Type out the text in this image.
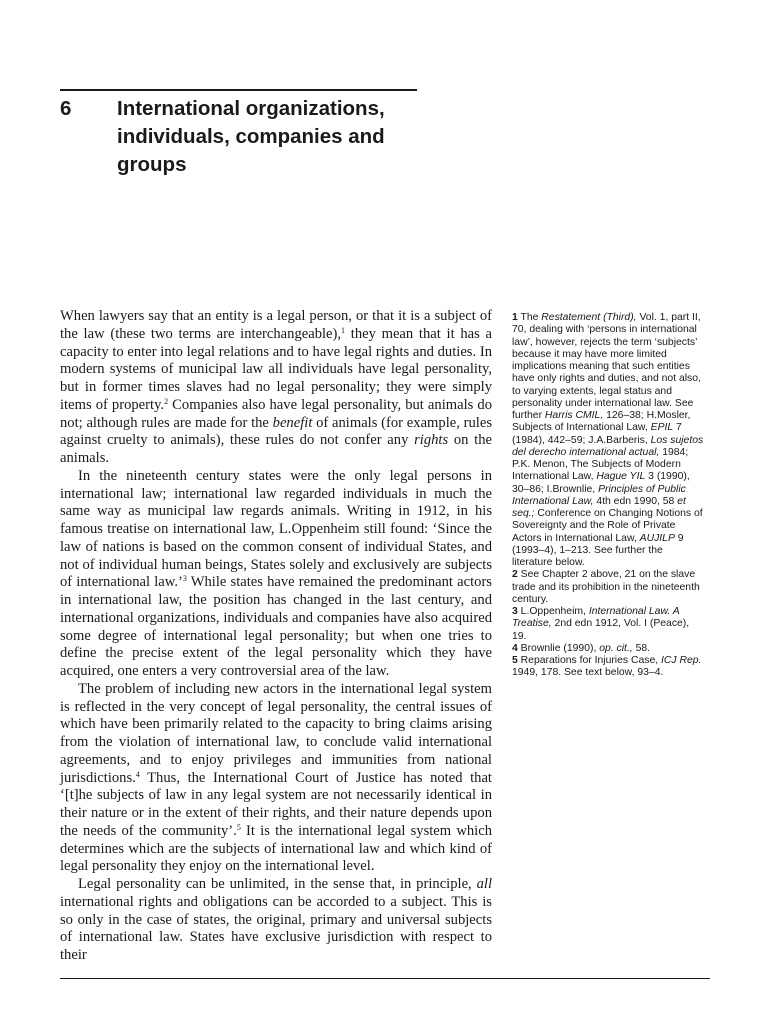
6 International organizations, individuals, companies and groups

When lawyers say that an entity is a legal person, or that it is a subject of the law (these two terms are interchangeable),$^1$ they mean that it has a capacity to enter into legal relations and to have legal rights and duties. In modern systems of municipal law all individuals have legal personality, but in former times slaves had no legal personality; they were simply items of property.$^2$ Companies also have legal personality, but animals do not; although rules are made for the benefit of animals (for example, rules against cruelty to animals), these rules do not confer any rights on the animals.

In the nineteenth century states were the only legal persons in international law; international law regarded individuals in much the same way as municipal law regards animals. Writing in 1912, in his famous treatise on international law, L.Oppenheim still found: ‘Since the law of nations is based on the common consent of individual States, and not of individual human beings, States solely and exclusively are subjects of international law.’$^3$ While states have remained the predominant actors in international law, the position has changed in the last century, and international organizations, individuals and companies have also acquired some degree of international legal personality; but when one tries to define the precise extent of the legal personality which they have acquired, one enters a very controversial area of the law.

The problem of including new actors in the international legal system is reflected in the very concept of legal personality, the central issues of which have been primarily related to the capacity to bring claims arising from the violation of international law, to conclude valid international agreements, and to enjoy privileges and immunities from national jurisdictions.$^4$ Thus, the International Court of Justice has noted that ‘[t]he subjects of law in any legal system are not necessarily identical in their nature or in the extent of their rights, and their nature depends upon the needs of the community’.$^5$ It is the international legal system which determines which are the subjects of international law and which kind of legal personality they enjoy on the international level.

Legal personality can be unlimited, in the sense that, in principle, all international rights and obligations can be accorded to a subject. This is so only in the case of states, the original, primary and universal subjects of international law. States have exclusive jurisdiction with respect to their

1 The Restatement (Third), Vol. 1, part II, 70, dealing with ‘persons in international law’, however, rejects the term ‘subjects’ because it may have more limited implications meaning that such entities have only rights and duties, and not also, to varying extents, legal status and personality under international law. See further Harris CMIL, 126–38; H.Mosler, Subjects of International Law, EPIL 7 (1984), 442–59; J.A.Barberis, Los sujetos del derecho international actual, 1984; P.K. Menon, The Subjects of Modern International Law, Hague YIL 3 (1990), 30–86; I.Brownlie, Principles of Public International Law, 4th edn 1990, 58 et seq.; Conference on Changing Notions of Sovereignty and the Role of Private Actors in International Law, AUJILP 9 (1993–4), 1–213. See further the literature below.

2 See Chapter 2 above, 21 on the slave trade and its prohibition in the nineteenth century.

3 L.Oppenheim, International Law. A Treatise, 2nd edn 1912, Vol. I (Peace), 19.

4 Brownlie (1990), op. cit., 58.

5 Reparations for Injuries Case, ICJ Rep. 1949, 178. See text below, 93–4.
